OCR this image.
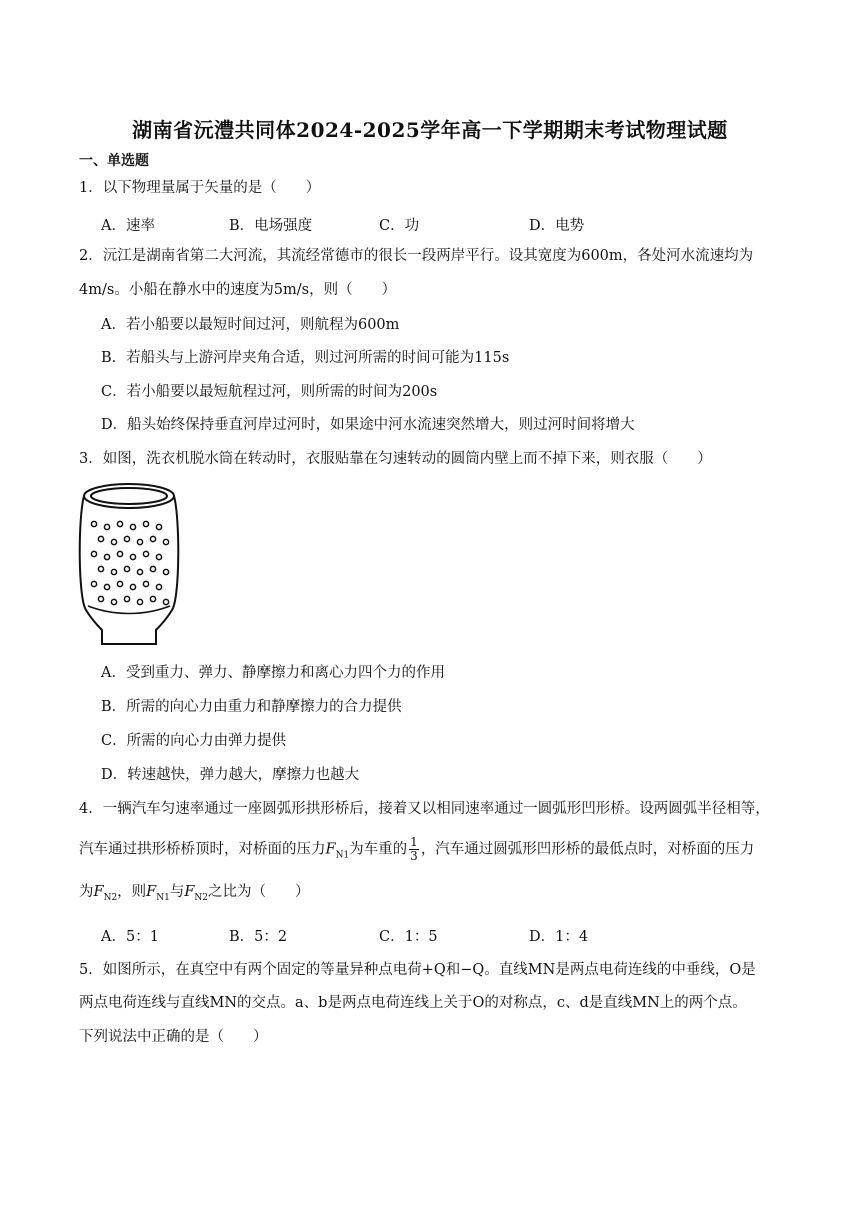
湖南省沅澧共同体2024-2025学年高一下学期期末考试物理试题
一、单选题
1．以下物理量属于矢量的是（　　）
A．速率	B．电场强度	C．功	D．电势
2．沅江是湖南省第二大河流，其流经常德市的很长一段两岸平行。设其宽度为600m，各处河水流速均为
4m/s。小船在静水中的速度为5m/s，则（　　）
A．若小船要以最短时间过河，则航程为600m
B．若船头与上游河岸夹角合适，则过河所需的时间可能为115s
C．若小船要以最短航程过河，则所需的时间为200s
D．船头始终保持垂直河岸过河时，如果途中河水流速突然增大，则过河时间将增大
3．如图，洗衣机脱水筒在转动时，衣服贴靠在匀速转动的圆筒内壁上而不掉下来，则衣服（　　）
A．受到重力、弹力、静摩擦力和离心力四个力的作用
B．所需的向心力由重力和静摩擦力的合力提供
C．所需的向心力由弹力提供
D．转速越快，弹力越大，摩擦力也越大
4．一辆汽车匀速率通过一座圆弧形拱形桥后，接着又以相同速率通过一圆弧形凹形桥。设两圆弧半径相等，
汽车通过拱形桥桥顶时，对桥面的压力$F_{N1}$为车重的 $\frac{1}{3}$ ，汽车通过圆弧形凹形桥的最低点时，对桥面的压力
为$F_{N2}$，则$F_{N1}$与$F_{N2}$之比为（　　）
A．5：1	B．5：2	C．1：5	D．1：4
5．如图所示，在真空中有两个固定的等量异种点电荷+Q和−Q。直线MN是两点电荷连线的中垂线，O是
两点电荷连线与直线MN的交点。a、b是两点电荷连线上关于O的对称点，c、d是直线MN上的两个点。
下列说法中正确的是（　　）
